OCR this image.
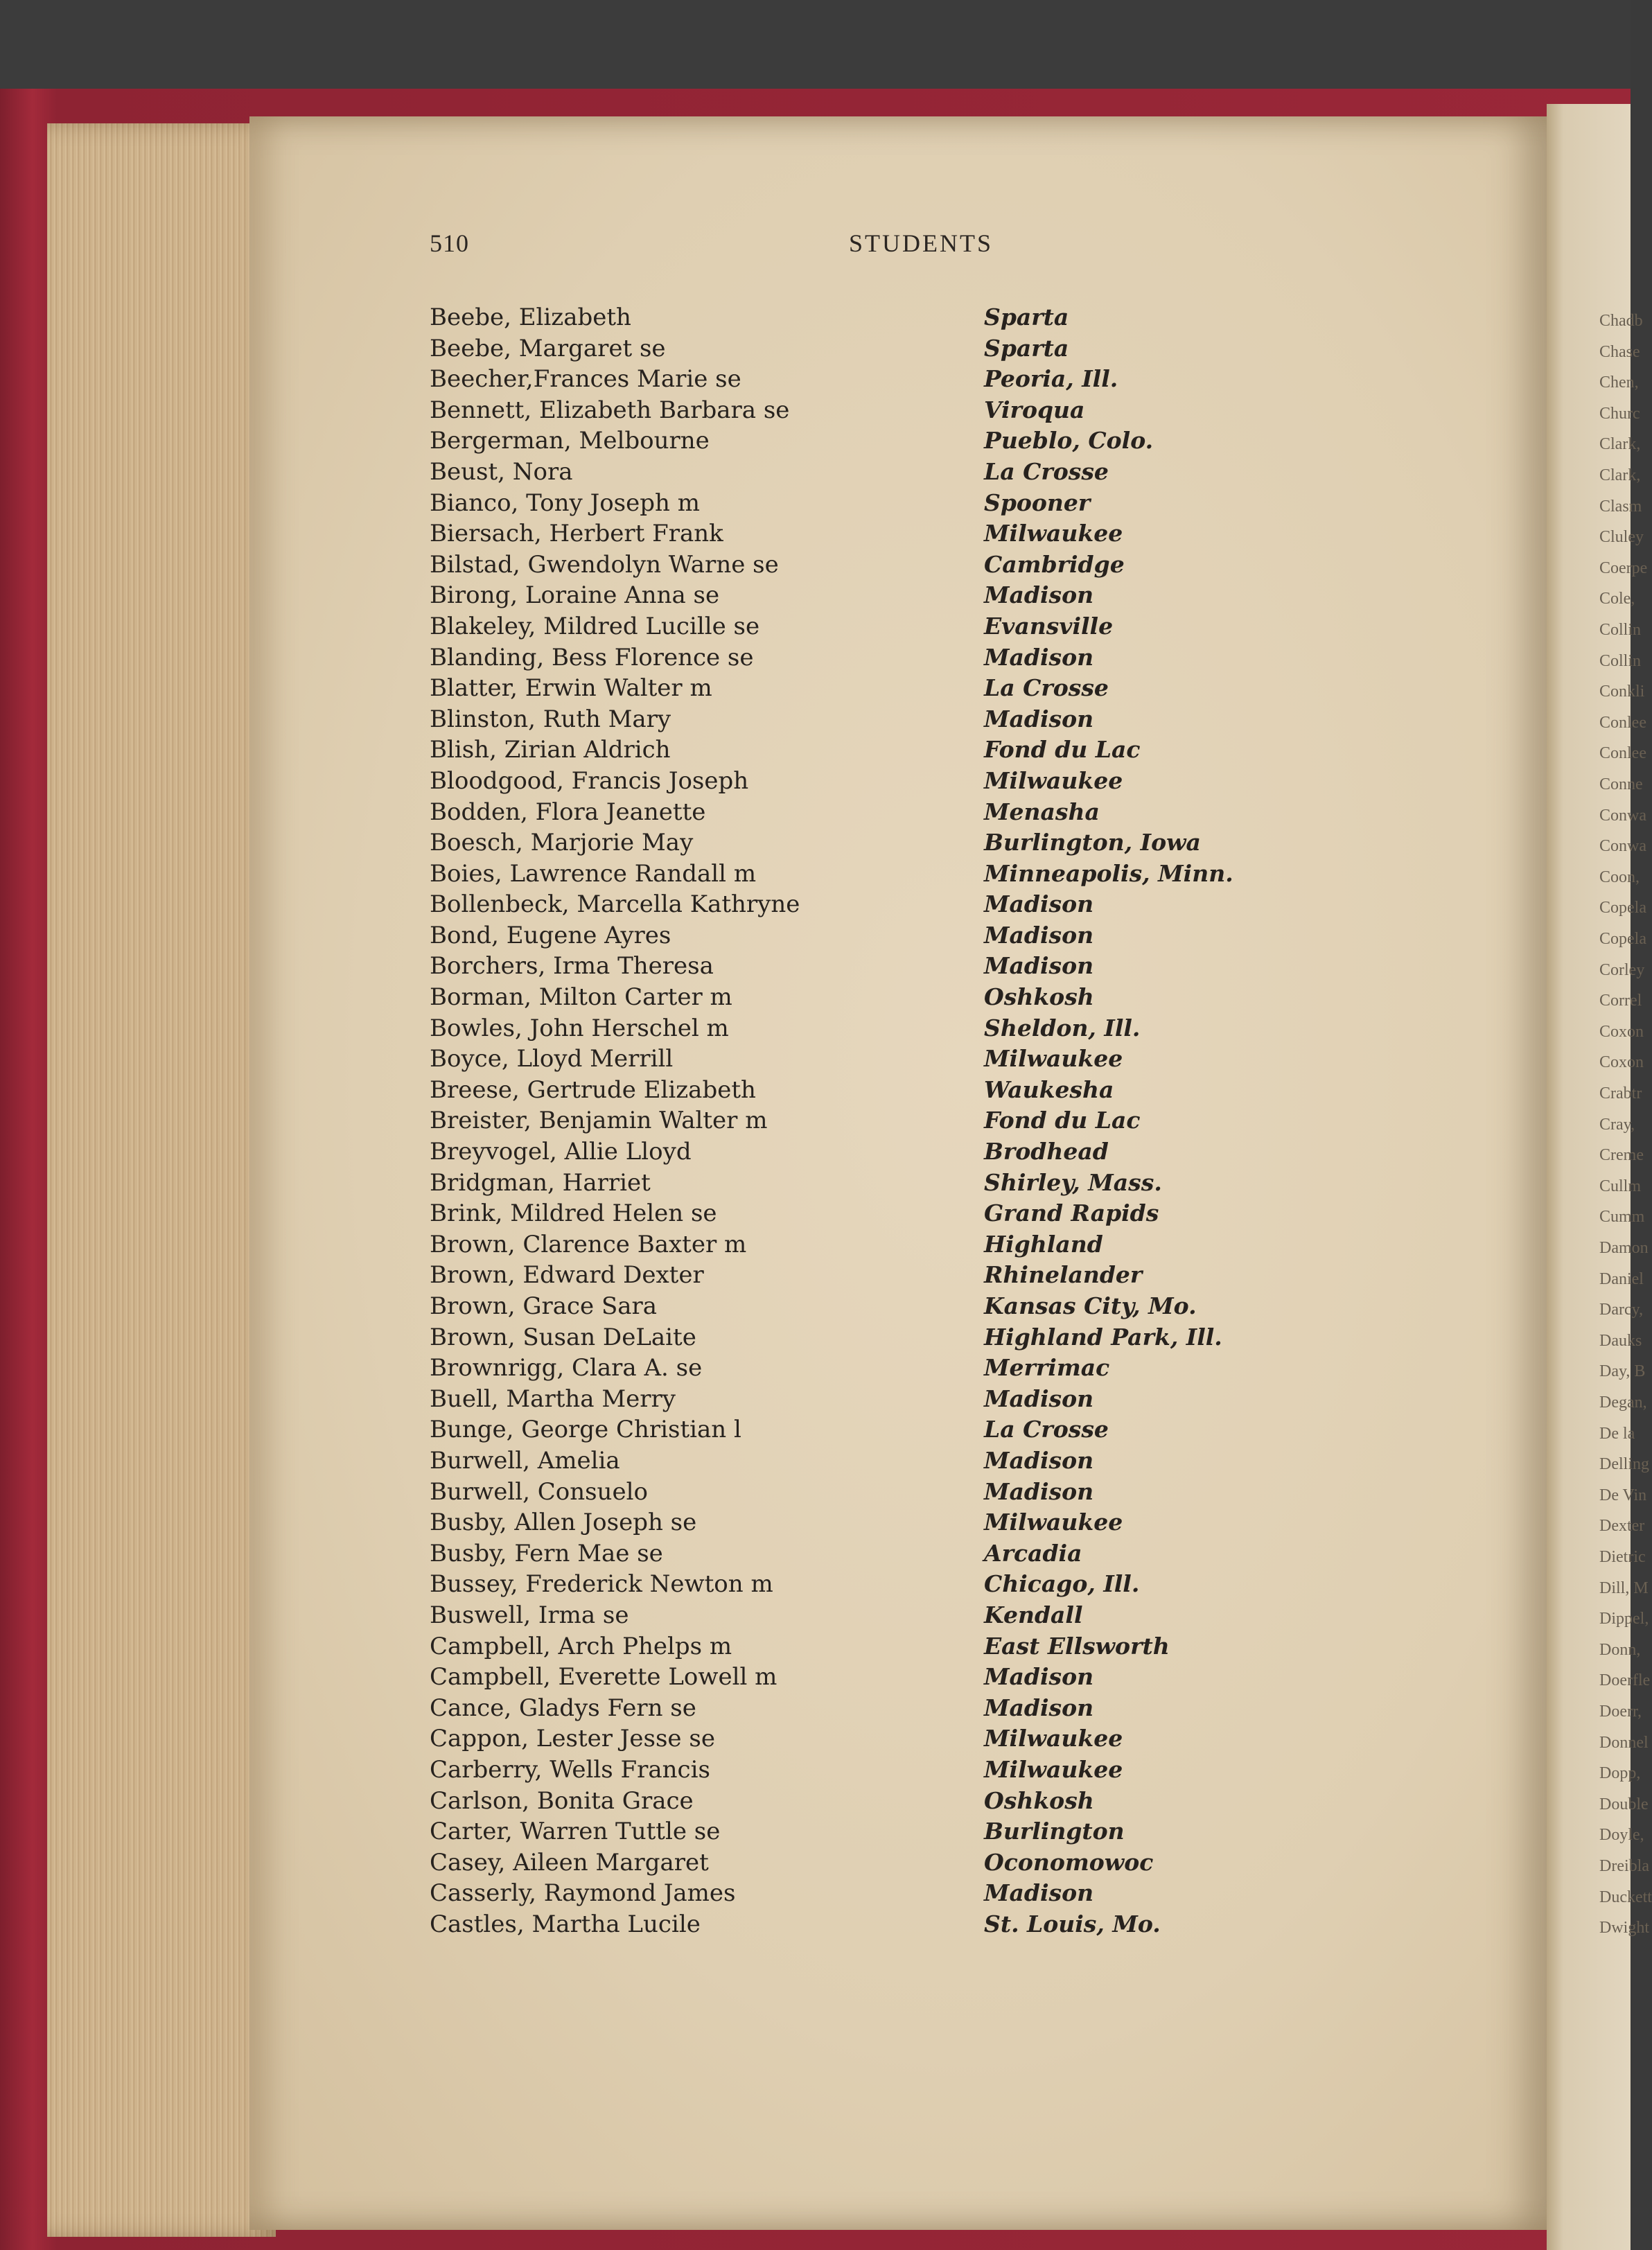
Chadb
Chase
Chen,
Churc
Clark,
Clark,
Clasm
Cluley
Coerpe
Cole,
Collin
Collin
Conkli
Conlee
Conlee
Conne
Conwa
Conwa
Coon,
Copela
Copela
Corley
Correl
Coxon
Coxon
Crabtr
Cray,
Creme
Cullm
Cumm
Damon
Daniel
Darcy,
Dauks
Day, B
Degan,
De la
Delling
De Vin
Dexter
Dietric
Dill, M
Dippel,
Donn,
Doerfle
Doerr,
Donnel
Dopp,
Double
Doyle,
Dreibla
Duckett
Dwight
510	STUDENTS
Beebe, Elizabeth	Sparta
Beebe, Margaret se	Sparta
Beecher,Frances Marie se	Peoria, Ill.
Bennett, Elizabeth Barbara se	Viroqua
Bergerman, Melbourne	Pueblo, Colo.
Beust, Nora	La Crosse
Bianco, Tony Joseph m	Spooner
Biersach, Herbert Frank	Milwaukee
Bilstad, Gwendolyn Warne se	Cambridge
Birong, Loraine Anna se	Madison
Blakeley, Mildred Lucille se	Evansville
Blanding, Bess Florence se	Madison
Blatter, Erwin Walter m	La Crosse
Blinston, Ruth Mary	Madison
Blish, Zirian Aldrich	Fond du Lac
Bloodgood, Francis Joseph	Milwaukee
Bodden, Flora Jeanette	Menasha
Boesch, Marjorie May	Burlington, Iowa
Boies, Lawrence Randall m	Minneapolis, Minn.
Bollenbeck, Marcella Kathryne	Madison
Bond, Eugene Ayres	Madison
Borchers, Irma Theresa	Madison
Borman, Milton Carter m	Oshkosh
Bowles, John Herschel m	Sheldon, Ill.
Boyce, Lloyd Merrill	Milwaukee
Breese, Gertrude Elizabeth	Waukesha
Breister, Benjamin Walter m	Fond du Lac
Breyvogel, Allie Lloyd	Brodhead
Bridgman, Harriet	Shirley, Mass.
Brink, Mildred Helen se	Grand Rapids
Brown, Clarence Baxter m	Highland
Brown, Edward Dexter	Rhinelander
Brown, Grace Sara	Kansas City, Mo.
Brown, Susan DeLaite	Highland Park, Ill.
Brownrigg, Clara A. se	Merrimac
Buell, Martha Merry	Madison
Bunge, George Christian l	La Crosse
Burwell, Amelia	Madison
Burwell, Consuelo	Madison
Busby, Allen Joseph se	Milwaukee
Busby, Fern Mae se	Arcadia
Bussey, Frederick Newton m	Chicago, Ill.
Buswell, Irma se	Kendall
Campbell, Arch Phelps m	East Ellsworth
Campbell, Everette Lowell m	Madison
Cance, Gladys Fern se	Madison
Cappon, Lester Jesse se	Milwaukee
Carberry, Wells Francis	Milwaukee
Carlson, Bonita Grace	Oshkosh
Carter, Warren Tuttle se	Burlington
Casey, Aileen Margaret	Oconomowoc
Casserly, Raymond James	Madison
Castles, Martha Lucile	St. Louis, Mo.
